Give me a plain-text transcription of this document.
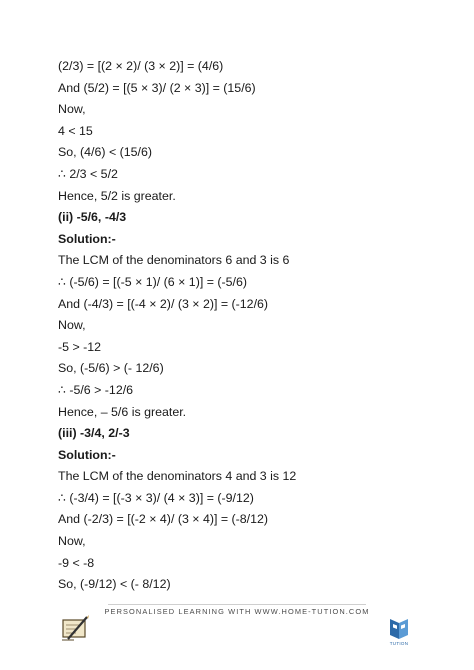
(2/3) = [(2 × 2)/ (3 × 2)] = (4/6)
And (5/2) = [(5 × 3)/ (2 × 3)] = (15/6)
Now,
4 < 15
So, (4/6) < (15/6)
∴ 2/3 < 5/2
Hence, 5/2 is greater.
(ii) -5/6, -4/3
Solution:-
The LCM of the denominators 6 and 3 is 6
∴ (-5/6) = [(-5 × 1)/ (6 × 1)] = (-5/6)
And (-4/3) = [(-4 × 2)/ (3 × 2)] = (-12/6)
Now,
-5 > -12
So, (-5/6) > (- 12/6)
∴ -5/6 > -12/6
Hence, – 5/6 is greater.
(iii) -3/4, 2/-3
Solution:-
The LCM of the denominators 4 and 3 is 12
∴ (-3/4) = [(-3 × 3)/ (4 × 3)] = (-9/12)
And (-2/3) = [(-2 × 4)/ (3 × 4)] = (-8/12)
Now,
-9 < -8
So, (-9/12) < (- 8/12)
PERSONALISED LEARNING WITH WWW.HOME-TUTION.COM
TUTION
